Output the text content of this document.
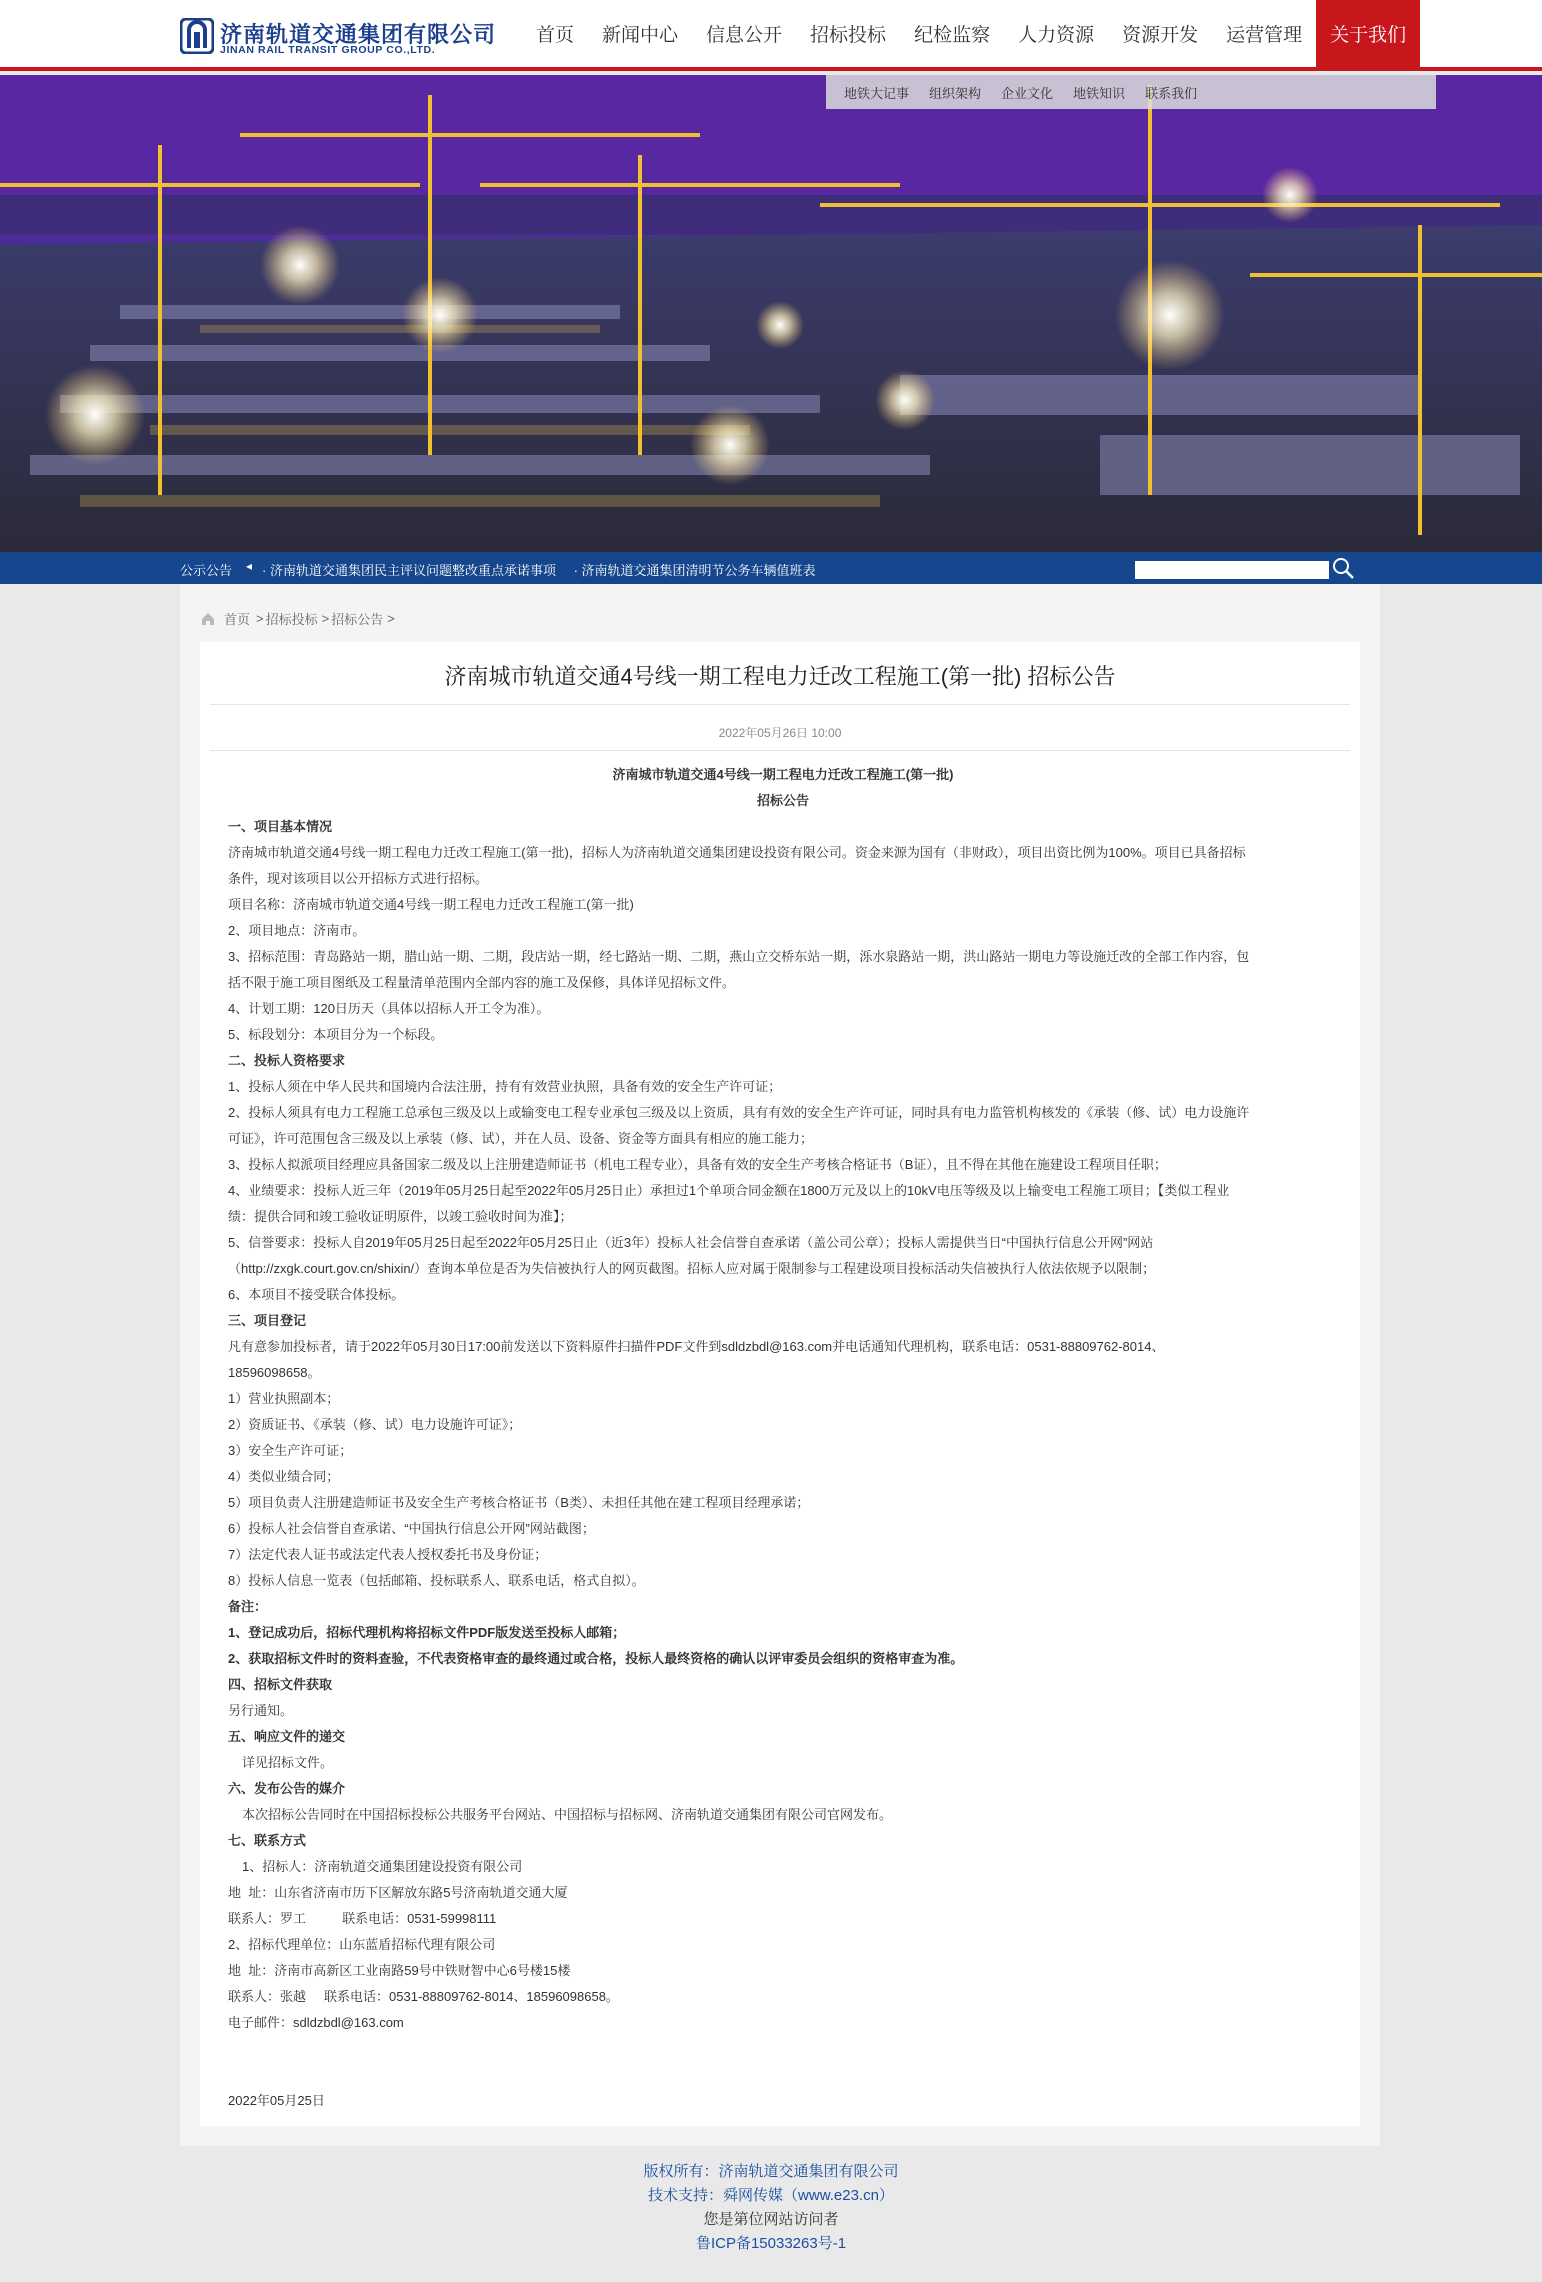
济南轨道交通集团有限公司
JINAN RAIL TRANSIT GROUP CO.,LTD.
首页	新闻中心	信息公开	招标投标	纪检监察	人力资源	资源开发	运营管理	关于我们
地铁大记事 组织架构 企业文化 地铁知识 联系我们
公示公告 ◂ · 济南轨道交通集团民主评议问题整改重点承诺事项 · 济南轨道交通集团清明节公务车辆值班表
首页 > 招标投标 > 招标公告 >
济南城市轨道交通4号线一期工程电力迁改工程施工(第一批) 招标公告
2022年05月26日 10:00

济南城市轨道交通4号线一期工程电力迁改工程施工(第一批)

招标公告

一、项目基本情况

济南城市轨道交通4号线一期工程电力迁改工程施工(第一批)，招标人为济南轨道交通集团建设投资有限公司。资金来源为国有（非财政），项目出资比例为100%。项目已具备招标

条件，现对该项目以公开招标方式进行招标。

项目名称：济南城市轨道交通4号线一期工程电力迁改工程施工(第一批)

2、项目地点：济南市。

3、招标范围：青岛路站一期，腊山站一期、二期，段店站一期，经七路站一期、二期，燕山立交桥东站一期，泺水泉路站一期，洪山路站一期电力等设施迁改的全部工作内容，包

括不限于施工项目图纸及工程量清单范围内全部内容的施工及保修，具体详见招标文件。

4、计划工期：120日历天（具体以招标人开工令为准）。

5、标段划分：本项目分为一个标段。

二、投标人资格要求

1、投标人须在中华人民共和国境内合法注册，持有有效营业执照，具备有效的安全生产许可证；

2、投标人须具有电力工程施工总承包三级及以上或输变电工程专业承包三级及以上资质，具有有效的安全生产许可证，同时具有电力监管机构核发的《承装（修、试）电力设施许

可证》，许可范围包含三级及以上承装（修、试），并在人员、设备、资金等方面具有相应的施工能力；

3、投标人拟派项目经理应具备国家二级及以上注册建造师证书（机电工程专业），具备有效的安全生产考核合格证书（B证），且不得在其他在施建设工程项目任职；

4、业绩要求：投标人近三年（2019年05月25日起至2022年05月25日止）承担过1个单项合同金额在1800万元及以上的10kV电压等级及以上输变电工程施工项目；【类似工程业

绩：提供合同和竣工验收证明原件，以竣工验收时间为准】；

5、信誉要求：投标人自2019年05月25日起至2022年05月25日止（近3年）投标人社会信誉自查承诺（盖公司公章）；投标人需提供当日“中国执行信息公开网”网站

（http://zxgk.court.gov.cn/shixin/）查询本单位是否为失信被执行人的网页截图。招标人应对属于限制参与工程建设项目投标活动失信被执行人依法依规予以限制；

6、本项目不接受联合体投标。

三、项目登记

凡有意参加投标者，请于2022年05月30日17:00前发送以下资料原件扫描件PDF文件到sdldzbdl@163.com并电话通知代理机构，联系电话：0531-88809762-8014、

18596098658。

1）营业执照副本；

2）资质证书、《承装（修、试）电力设施许可证》；

3）安全生产许可证；

4）类似业绩合同；

5）项目负责人注册建造师证书及安全生产考核合格证书（B类）、未担任其他在建工程项目经理承诺；

6）投标人社会信誉自查承诺、“中国执行信息公开网”网站截图；

7）法定代表人证书或法定代表人授权委托书及身份证；

8）投标人信息一览表（包括邮箱、投标联系人、联系电话，格式自拟）。

备注：

1、登记成功后，招标代理机构将招标文件PDF版发送至投标人邮箱；

2、获取招标文件时的资料查验，不代表资格审查的最终通过或合格，投标人最终资格的确认以评审委员会组织的资格审查为准。

四、招标文件获取

另行通知。

五、响应文件的递交

详见招标文件。

六、发布公告的媒介

本次招标公告同时在中国招标投标公共服务平台网站、中国招标与招标网、济南轨道交通集团有限公司官网发布。

七、联系方式

1、招标人：济南轨道交通集团建设投资有限公司

地  址：山东省济南市历下区解放东路5号济南轨道交通大厦

联系人：罗工          联系电话：0531-59998111

2、招标代理单位：山东蓝盾招标代理有限公司

地  址：济南市高新区工业南路59号中铁财智中心6号楼15楼

联系人：张越     联系电话：0531-88809762-8014、18596098658。

电子邮件：sdldzbdl@163.com

2022年05月25日

版权所有：济南轨道交通集团有限公司
技术支持：舜网传媒（www.e23.cn）
您是第位网站访问者
鲁ICP备15033263号-1
